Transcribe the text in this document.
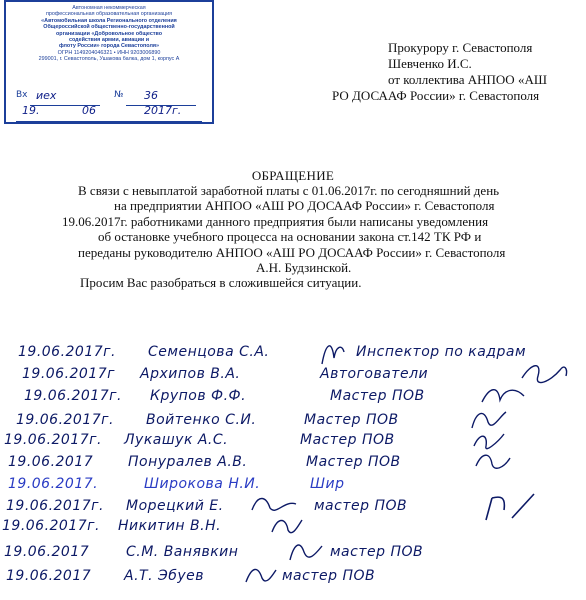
Автономная некоммерческая
профессиональная образовательная организация
«Автомобильная школа Регионального отделения
Общероссийской общественно-государственной
организации «Добровольное общество
содействия армии, авиации и
флоту России» города Севастополя»
ОГРН 1149204046321 • ИНН 9203006890
299001, г. Севастополь, Ушакова балка, дом 1, корпус А
Вх иех	№ 36
19.	06	2017г.
Прокурору г. Севастополя
Шевченко И.С.
от коллектива АНПОО «АШ
РО ДОСААФ России» г. Севастополя
ОБРАЩЕНИЕ
В связи с невыплатой заработной платы с 01.06.2017г. по сегодняшний день
на предприятии АНПОО «АШ РО ДОСААФ России» г. Севастополя
19.06.2017г. работниками данного предприятия были написаны уведомления
об остановке учебного процесса на основании закона ст.142 ТК РФ и
переданы руководителю АНПОО «АШ РО ДОСААФ России» г. Севастополя
А.Н. Будзинской.
Просим Вас разобраться в сложившейся ситуации.
19.06.2017г. Семенцова С.А.	Инспектор по кадрам
19.06.2017г Архипов В.А.	Автогователи
19.06.2017г. Крупов Ф.Ф.	Мастер ПОВ
19.06.2017г. Войтенко С.И.	Мастер ПОВ
19.06.2017г. Лукашук А.С.	Мастер ПОВ
19.06.2017 Понуралев А.В.	Мастер ПОВ
19.06.2017.	Широкова Н.И.	Шир
19.06.2017г. Морецкий Е.	мастер ПОВ
19.06.2017г. Никитин В.Н.
19.06.2017	С.М. Ванявкин	мастер ПОВ
19.06.2017 А.Т. Эбуев	мастер ПОВ
